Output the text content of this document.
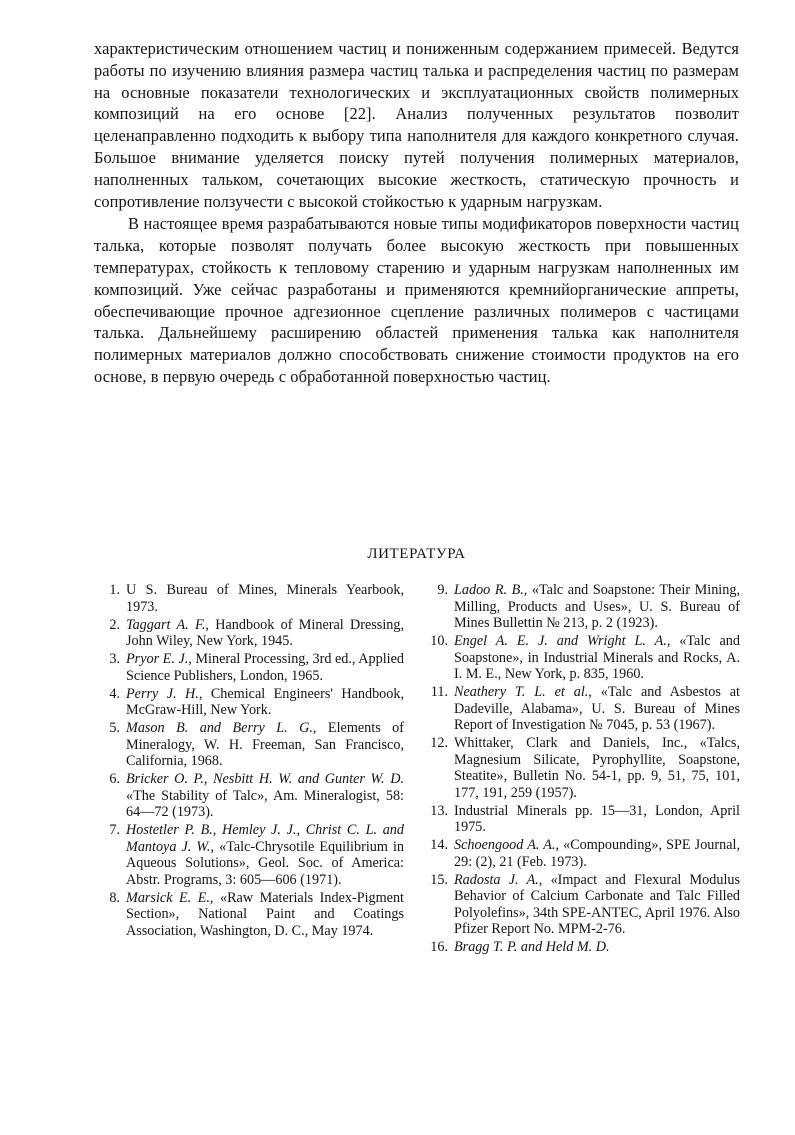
характеристическим отношением частиц и пониженным содержанием примесей. Ведутся работы по изучению влияния размера частиц талька и распределения частиц по размерам на основные показатели технологических и эксплуатационных свойств полимерных композиций на его основе [22]. Анализ полученных результатов позволит целенаправленно подходить к выбору типа наполнителя для каждого конкретного случая. Большое внимание уделяется поиску путей получения полимерных материалов, наполненных тальком, сочетающих высокие жесткость, статическую прочность и сопротивление ползучести с высокой стойкостью к ударным нагрузкам.

В настоящее время разрабатываются новые типы модификаторов поверхности частиц талька, которые позволят получать более высокую жесткость при повышенных температурах, стойкость к тепловому старению и ударным нагрузкам наполненных им композиций. Уже сейчас разработаны и применяются кремнийорганические аппреты, обеспечивающие прочное адгезионное сцепление различных полимеров с частицами талька. Дальнейшему расширению областей применения талька как наполнителя полимерных материалов должно способствовать снижение стоимости продуктов на его основе, в первую очередь с обработанной поверхностью частиц.

ЛИТЕРАТУРА
1. U S. Bureau of Mines, Minerals Yearbook, 1973.
2. Taggart A. F., Handbook of Mineral Dressing, John Wiley, New York, 1945.
3. Pryor E. J., Mineral Processing, 3rd ed., Applied Science Publishers, London, 1965.
4. Perry J. H., Chemical Engineers' Handbook, McGraw-Hill, New York.
5. Mason B. and Berry L. G., Elements of Mineralogy, W. H. Freeman, San Francisco, California, 1968.
6. Bricker O. P., Nesbitt H. W. and Gunter W. D. «The Stability of Talc», Am. Mineralogist, 58: 64—72 (1973).
7. Hostetler P. B., Hemley J. J., Christ C. L. and Mantoya J. W., «Talc-Chrysotile Equilibrium in Aqueous Solutions», Geol. Soc. of America: Abstr. Programs, 3: 605—606 (1971).
8. Marsick E. E., «Raw Materials Index-Pigment Section», National Paint and Coatings Association, Washington, D. C., May 1974.
9. Ladoo R. B., «Talc and Soapstone: Their Mining, Milling, Products and Uses», U. S. Bureau of Mines Bullettin № 213, p. 2 (1923).
10. Engel A. E. J. and Wright L. A., «Talc and Soapstone», in Industrial Minerals and Rocks, A. I. M. E., New York, p. 835, 1960.
11. Neathery T. L. et al., «Talc and Asbestos at Dadeville, Alabama», U. S. Bureau of Mines Report of Investigation № 7045, p. 53 (1967).
12. Whittaker, Clark and Daniels, Inc., «Talcs, Magnesium Silicate, Pyrophyllite, Soapstone, Steatite», Bulletin No. 54-1, pp. 9, 51, 75, 101, 177, 191, 259 (1957).
13. Industrial Minerals pp. 15—31, London, April 1975.
14. Schoengood A. A., «Compounding», SPE Journal, 29: (2), 21 (Feb. 1973).
15. Radosta J. A., «Impact and Flexural Modulus Behavior of Calcium Carbonate and Talc Filled Polyolefins», 34th SPE-ANTEC, April 1976. Also Pfizer Report No. MPM-2-76.
16. Bragg T. P. and Held M. D.
